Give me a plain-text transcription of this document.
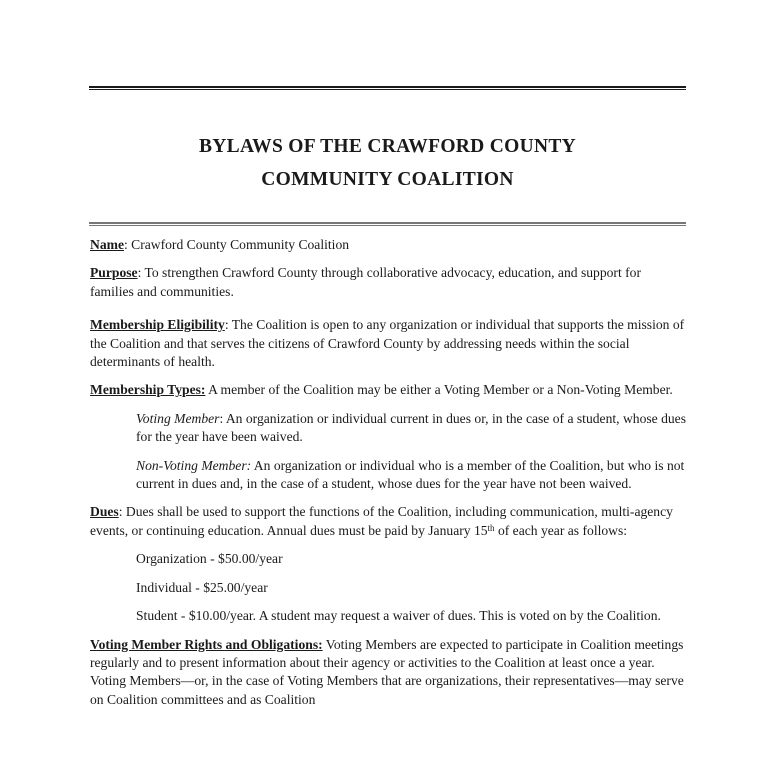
BYLAWS OF THE CRAWFORD COUNTY
COMMUNITY COALITION

Name: Crawford County Community Coalition

Purpose: To strengthen Crawford County through collaborative advocacy, education, and support for families and communities.

Membership Eligibility: The Coalition is open to any organization or individual that supports the mission of the Coalition and that serves the citizens of Crawford County by addressing needs within the social determinants of health.

Membership Types: A member of the Coalition may be either a Voting Member or a Non-Voting Member.

Voting Member: An organization or individual current in dues or, in the case of a student, whose dues for the year have been waived.

Non-Voting Member: An organization or individual who is a member of the Coalition, but who is not current in dues and, in the case of a student, whose dues for the year have not been waived.

Dues: Dues shall be used to support the functions of the Coalition, including communication, multi-agency events, or continuing education. Annual dues must be paid by January 15th of each year as follows:

Organization - $50.00/year

Individual - $25.00/year

Student - $10.00/year. A student may request a waiver of dues. This is voted on by the Coalition.

Voting Member Rights and Obligations: Voting Members are expected to participate in Coalition meetings regularly and to present information about their agency or activities to the Coalition at least once a year. Voting Members—or, in the case of Voting Members that are organizations, their representatives—may serve on Coalition committees and as Coalition
